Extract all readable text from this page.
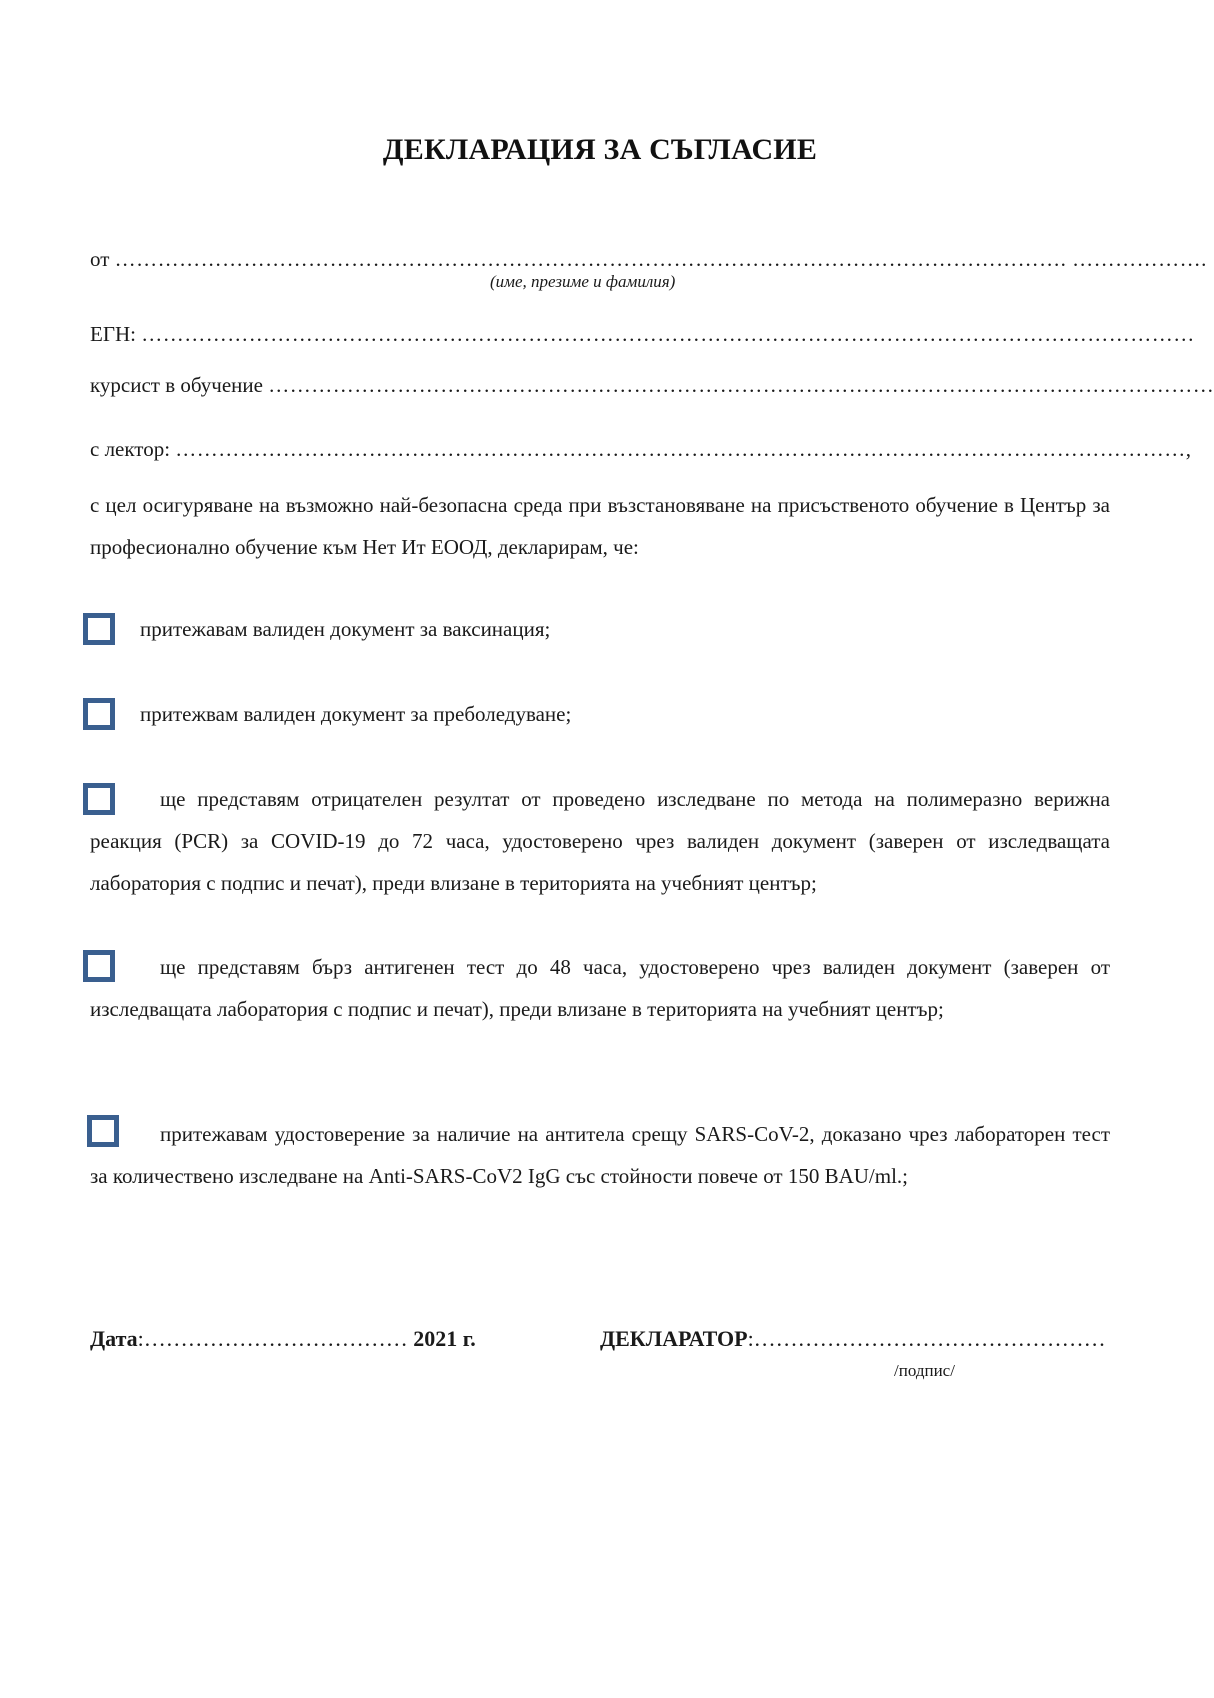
ДЕКЛАРАЦИЯ ЗА СЪГЛАСИЕ
от ……………………………………………………………………………………………………………………. ……………….
(име, презиме и фамилия)
ЕГН: …………………………………………………………………………………………………………………………………
курсист в обучение ……………………………………………………………………………………………………………………
с лектор: ……………………………………………………………………………………………………………………………,
с цел осигуряване на възможно най-безопасна среда при възстановяване на присъственото обучение в Център за професионално обучение към Нет Ит ЕООД, декларирам, че:
притежавам валиден документ за ваксинация;
притежвам валиден документ за преболедуване;
ще представям отрицателен резултат от проведено изследване по метода на полимеразно верижна реакция (PCR) за COVID-19 до 72 часа, удостоверено чрез валиден документ (заверен от изследващата лаборатория с подпис и печат), преди влизане в територията на учебният център;
ще представям бърз антигенен тест до 48 часа, удостоверено чрез валиден документ (заверен от изследващата лаборатория с подпис и печат), преди влизане в територията на учебният център;
притежавам удостоверение за наличие на антитела срещу SARS-CoV-2, доказано чрез лабораторен тест за количествено изследване на Anti-SARS-CoV2 IgG със стойности повече от 150 BAU/ml.;
Дата:……………………………… 2021 г.	ДЕКЛАРАТОР:…………………………………………
/подпис/
